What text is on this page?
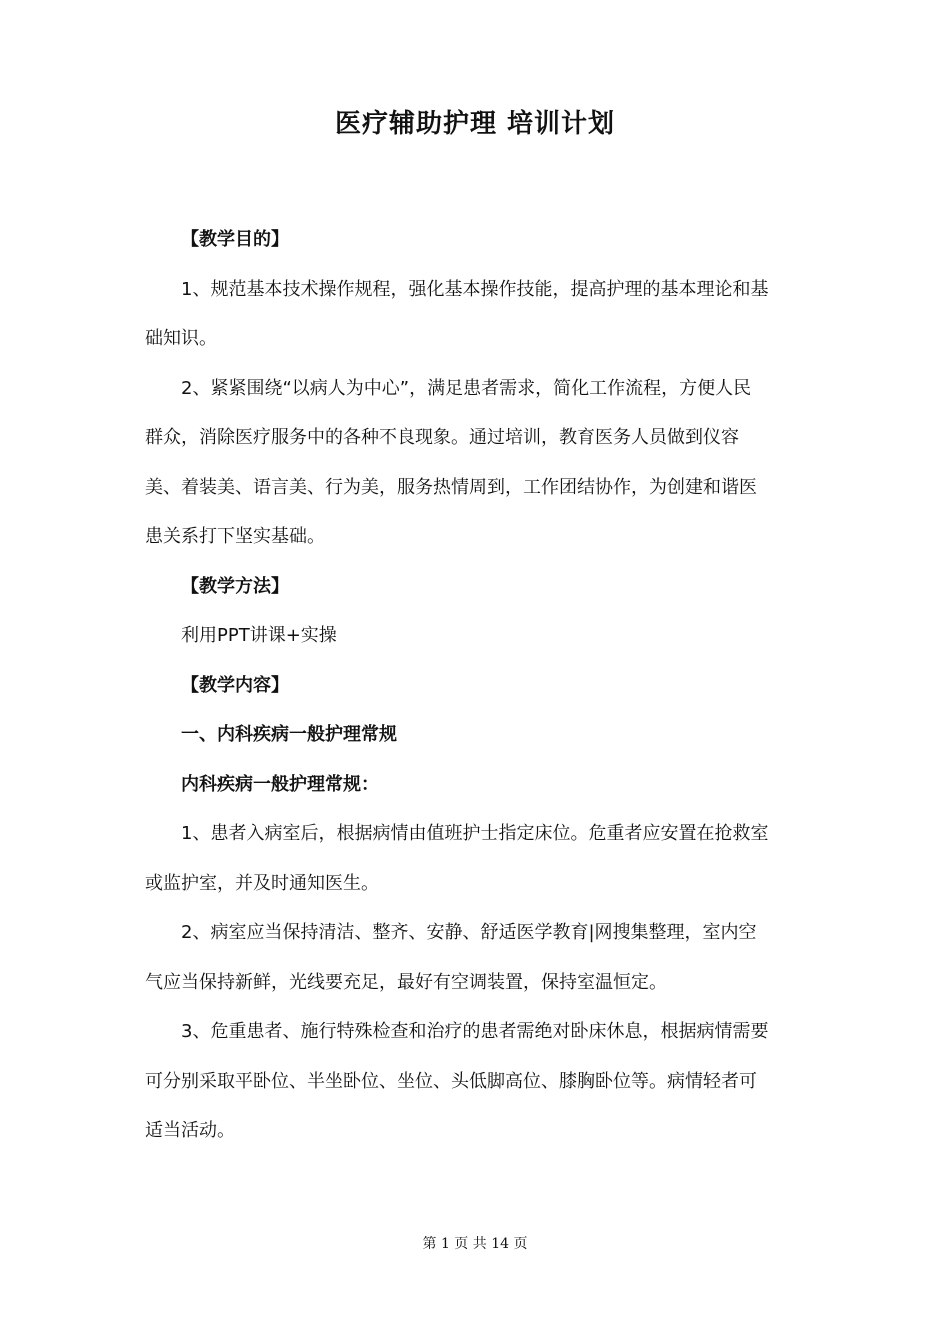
医疗辅助护理 培训计划

【教学目的】

1、规范基本技术操作规程，强化基本操作技能，提高护理的基本理论和基

础知识。

2、紧紧围绕“以病人为中心”，满足患者需求，简化工作流程，方便人民

群众，消除医疗服务中的各种不良现象。通过培训，教育医务人员做到仪容

美、着装美、语言美、行为美，服务热情周到，工作团结协作，为创建和谐医

患关系打下坚实基础。

【教学方法】

利用PPT讲课+实操

【教学内容】

一、内科疾病一般护理常规

内科疾病一般护理常规：

1、患者入病室后，根据病情由值班护士指定床位。危重者应安置在抢救室

或监护室，并及时通知医生。

2、病室应当保持清洁、整齐、安静、舒适医学教育|网搜集整理，室内空

气应当保持新鲜，光线要充足，最好有空调装置，保持室温恒定。

3、危重患者、施行特殊检查和治疗的患者需绝对卧床休息，根据病情需要

可分别采取平卧位、半坐卧位、坐位、头低脚高位、膝胸卧位等。病情轻者可

适当活动。

第 1 页 共 14 页
